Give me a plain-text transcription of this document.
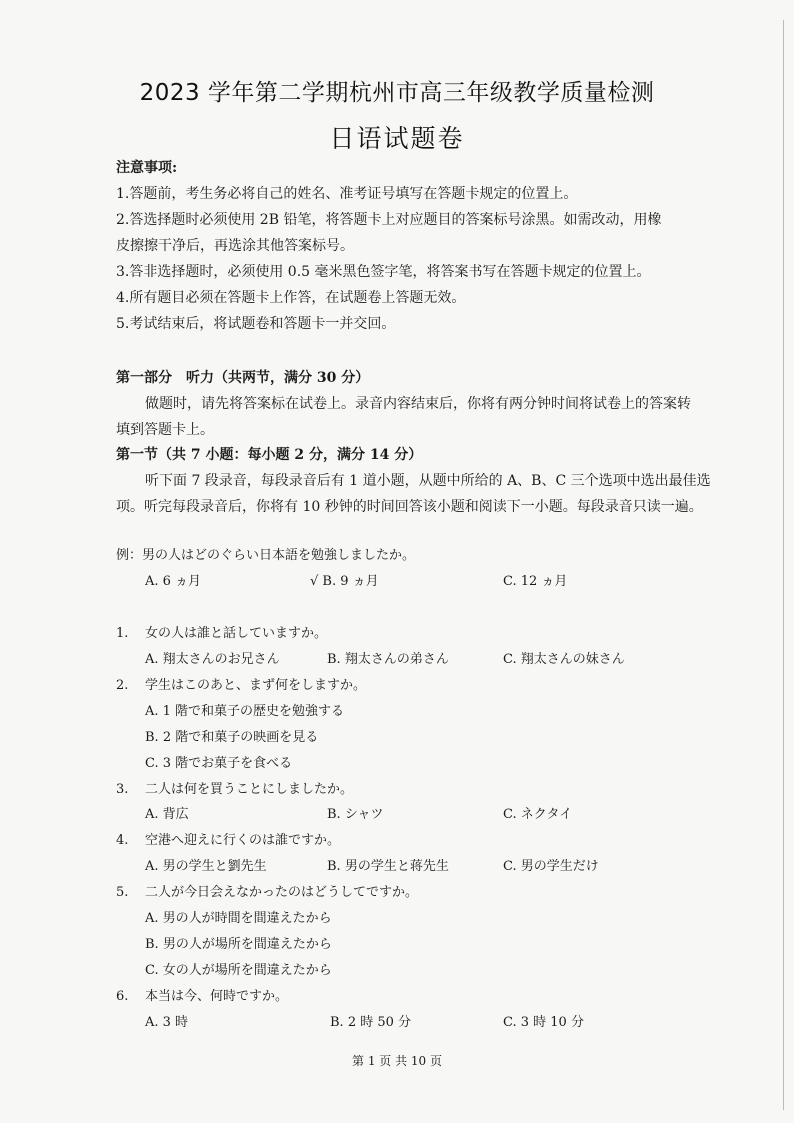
2023 学年第二学期杭州市高三年级教学质量检测
日语试题卷
注意事项:
1.答题前，考生务必将自己的姓名、准考证号填写在答题卡规定的位置上。
2.答选择题时必须使用 2B 铅笔，将答题卡上对应题目的答案标号涂黑。如需改动，用橡
皮擦擦干净后，再选涂其他答案标号。
3.答非选择题时，必须使用 0.5 毫米黑色签字笔，将答案书写在答题卡规定的位置上。
4.所有题目必须在答题卡上作答，在试题卷上答题无效。
5.考试结束后，将试题卷和答题卡一并交回。
第一部分　听力（共两节，满分 30 分）
做题时，请先将答案标在试卷上。录音内容结束后，你将有两分钟时间将试卷上的答案转
填到答题卡上。
第一节（共 7 小题：每小题 2 分，满分 14 分）
听下面 7 段录音，每段录音后有 1 道小题，从题中所给的 A、B、C 三个选项中选出最佳选
项。听完每段录音后，你将有 10 秒钟的时间回答该小题和阅读下一小题。每段录音只读一遍。
例：男の人はどのぐらい日本語を勉強しましたか。
A. 6 ヵ月	√ B. 9 ヵ月	C. 12 ヵ月
1. 女の人は誰と話していますか。
A. 翔太さんのお兄さん	B. 翔太さんの弟さん	C. 翔太さんの妹さん
2. 学生はこのあと、まず何をしますか。
A. 1 階で和菓子の歴史を勉強する
B. 2 階で和菓子の映画を見る
C. 3 階でお菓子を食べる
3. 二人は何を買うことにしましたか。
A. 背広	B. シャツ	C. ネクタイ
4. 空港へ迎えに行くのは誰ですか。
A. 男の学生と劉先生	B. 男の学生と蒋先生	C. 男の学生だけ
5. 二人が今日会えなかったのはどうしてですか。
A. 男の人が時間を間違えたから
B. 男の人が場所を間違えたから
C. 女の人が場所を間違えたから
6. 本当は今、何時ですか。
A. 3 時	B. 2 時 50 分	C. 3 時 10 分
第 1 页 共 10 页
